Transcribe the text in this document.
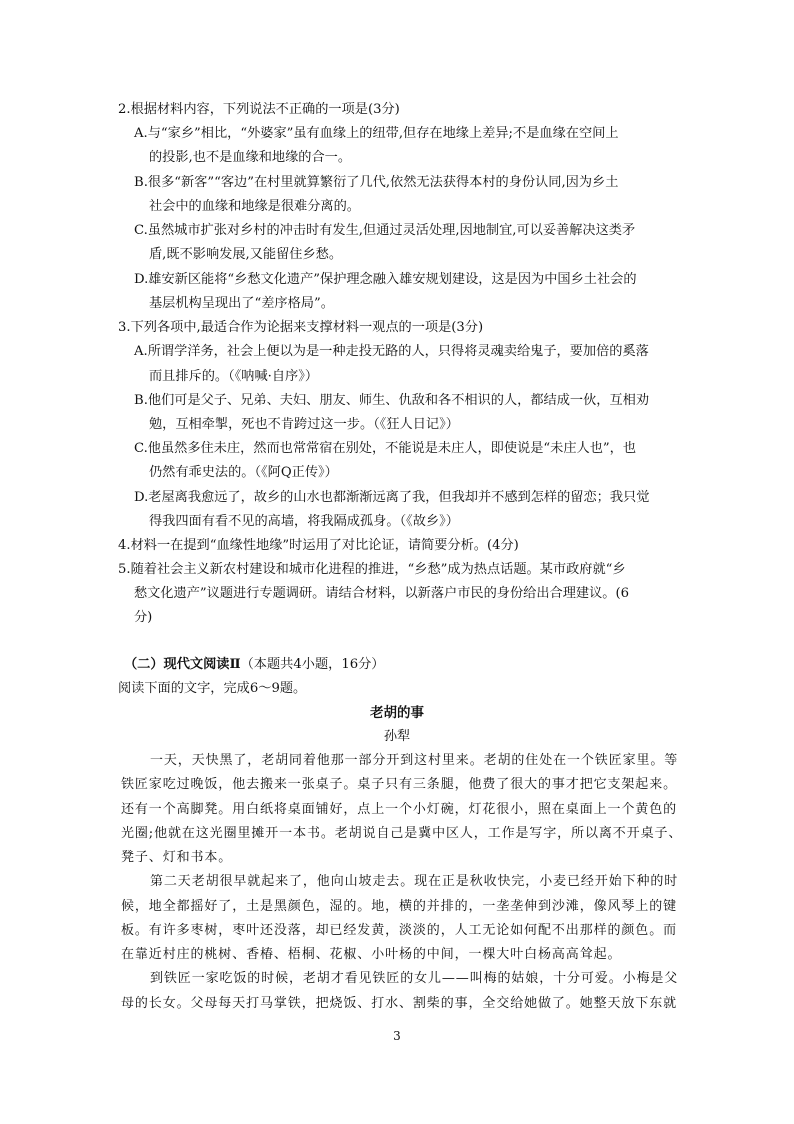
2.根据材料内容，下列说法不正确的一项是(3分)
A.与“家乡”相比，“外婆家”虽有血缘上的纽带,但存在地缘上差异;不是血缘在空间上
的投影,也不是血缘和地缘的合一。
B.很多“新客”“客边”在村里就算繁衍了几代,依然无法获得本村的身份认同,因为乡土
社会中的血缘和地缘是很难分离的。
C.虽然城市扩张对乡村的冲击时有发生,但通过灵活处理,因地制宜,可以妥善解决这类矛
盾,既不影响发展,又能留住乡愁。
D.雄安新区能将“乡愁文化遗产”保护理念融入雄安规划建设，这是因为中国乡土社会的
基层机构呈现出了“差序格局”。
3.下列各项中,最适合作为论据来支撑材料一观点的一项是(3分)
A.所谓学洋务，社会上便以为是一种走投无路的人，只得将灵魂卖给鬼子，要加倍的奚落
而且排斥的。（《呐喊·自序》）
B.他们可是父子、兄弟、夫妇、朋友、师生、仇敌和各不相识的人，都结成一伙，互相劝
勉，互相牵掣，死也不肯跨过这一步。（《狂人日记》）
C.他虽然多住未庄，然而也常常宿在别处，不能说是未庄人，即使说是“未庄人也”，也
仍然有乖史法的。（《阿Q正传》）
D.老屋离我愈远了，故乡的山水也都渐渐远离了我，但我却并不感到怎样的留恋；我只觉
得我四面有看不见的高墙，将我隔成孤身。（《故乡》）
4.材料一在提到“血缘性地缘”时运用了对比论证，请简要分析。(4分)
5.随着社会主义新农村建设和城市化进程的推进，“乡愁”成为热点话题。某市政府就“乡
愁文化遗产”议题进行专题调研。请结合材料，以新落户市民的身份给出合理建议。(6
分)
（二）现代文阅读Ⅱ（本题共4小题，16分）
阅读下面的文字，完成6～9题。
老胡的事
孙犁
一天，天快黑了，老胡同着他那一部分开到这村里来。老胡的住处在一个铁匠家里。等
铁匠家吃过晚饭，他去搬来一张桌子。桌子只有三条腿，他费了很大的事才把它支架起来。
还有一个高脚凳。用白纸将桌面铺好，点上一个小灯碗，灯花很小，照在桌面上一个黄色的
光圈;他就在这光圈里摊开一本书。老胡说自己是冀中区人，工作是写字，所以离不开桌子、
凳子、灯和书本。
第二天老胡很早就起来了，他向山坡走去。现在正是秋收快完，小麦已经开始下种的时
候，地全都摇好了，土是黑颜色，湿的。地，横的并排的，一垄垄伸到沙滩，像风琴上的键
板。有许多枣树，枣叶还没落，却已经发黄，淡淡的，人工无论如何配不出那样的颜色。而
在靠近村庄的桃树、香椿、梧桐、花椒、小叶杨的中间，一棵大叶白杨高高耸起。
到铁匠一家吃饭的时候，老胡才看见铁匠的女儿——叫梅的姑娘，十分可爱。小梅是父
母的长女。父母每天打马掌铁，把烧饭、打水、割柴的事，全交给她做了。她整天放下东就
3
